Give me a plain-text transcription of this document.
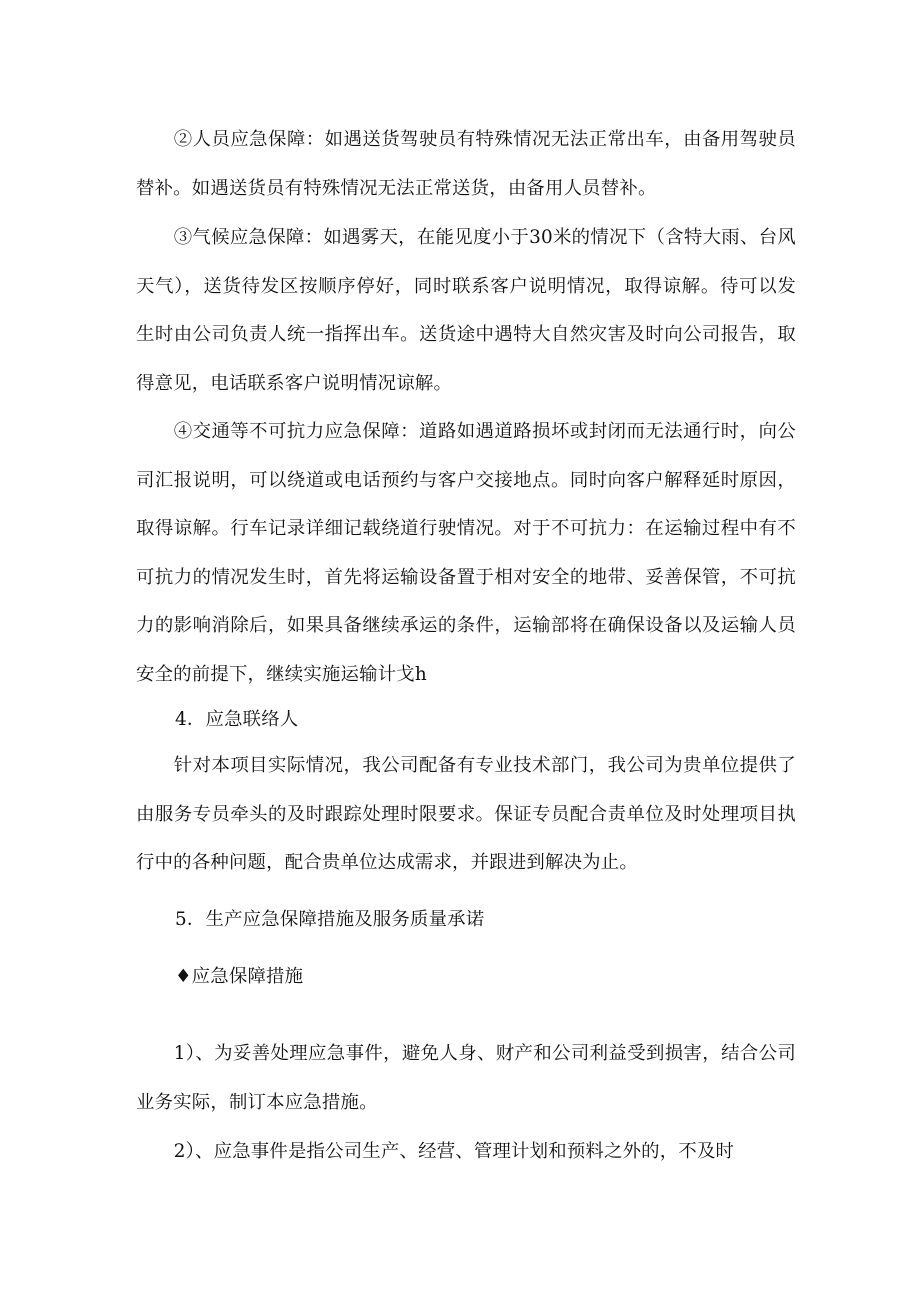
②人员应急保障：如遇送货驾驶员有特殊情况无法正常出车，由备用驾驶员替补。如遇送货员有特殊情况无法正常送货，由备用人员替补。

③气候应急保障：如遇雾天，在能见度小于30米的情况下（含特大雨、台风天气），送货待发区按顺序停好，同时联系客户说明情况，取得谅解。待可以发生时由公司负责人统一指挥出车。送货途中遇特大自然灾害及时向公司报告，取得意见，电话联系客户说明情况谅解。

④交通等不可抗力应急保障：道路如遇道路损坏或封闭而无法通行时，向公司汇报说明，可以绕道或电话预约与客户交接地点。同时向客户解释延时原因，取得谅解。行车记录详细记载绕道行驶情况。对于不可抗力：在运输过程中有不可抗力的情况发生时，首先将运输设备置于相对安全的地带、妥善保管，不可抗力的影响消除后，如果具备继续承运的条件，运输部将在确保设备以及运输人员安全的前提下，继续实施运输计戈h

4．应急联络人

针对本项目实际情况，我公司配备有专业技术部门，我公司为贵单位提供了由服务专员牵头的及时跟踪处理时限要求。保证专员配合责单位及时处理项目执行中的各种问题，配合贵单位达成需求，并跟进到解决为止。

5．生产应急保障措施及服务质量承诺

♦应急保障措施

1）、为妥善处理应急事件，避免人身、财产和公司利益受到损害，结合公司业务实际，制订本应急措施。

2）、应急事件是指公司生产、经营、管理计划和预料之外的，不及时
